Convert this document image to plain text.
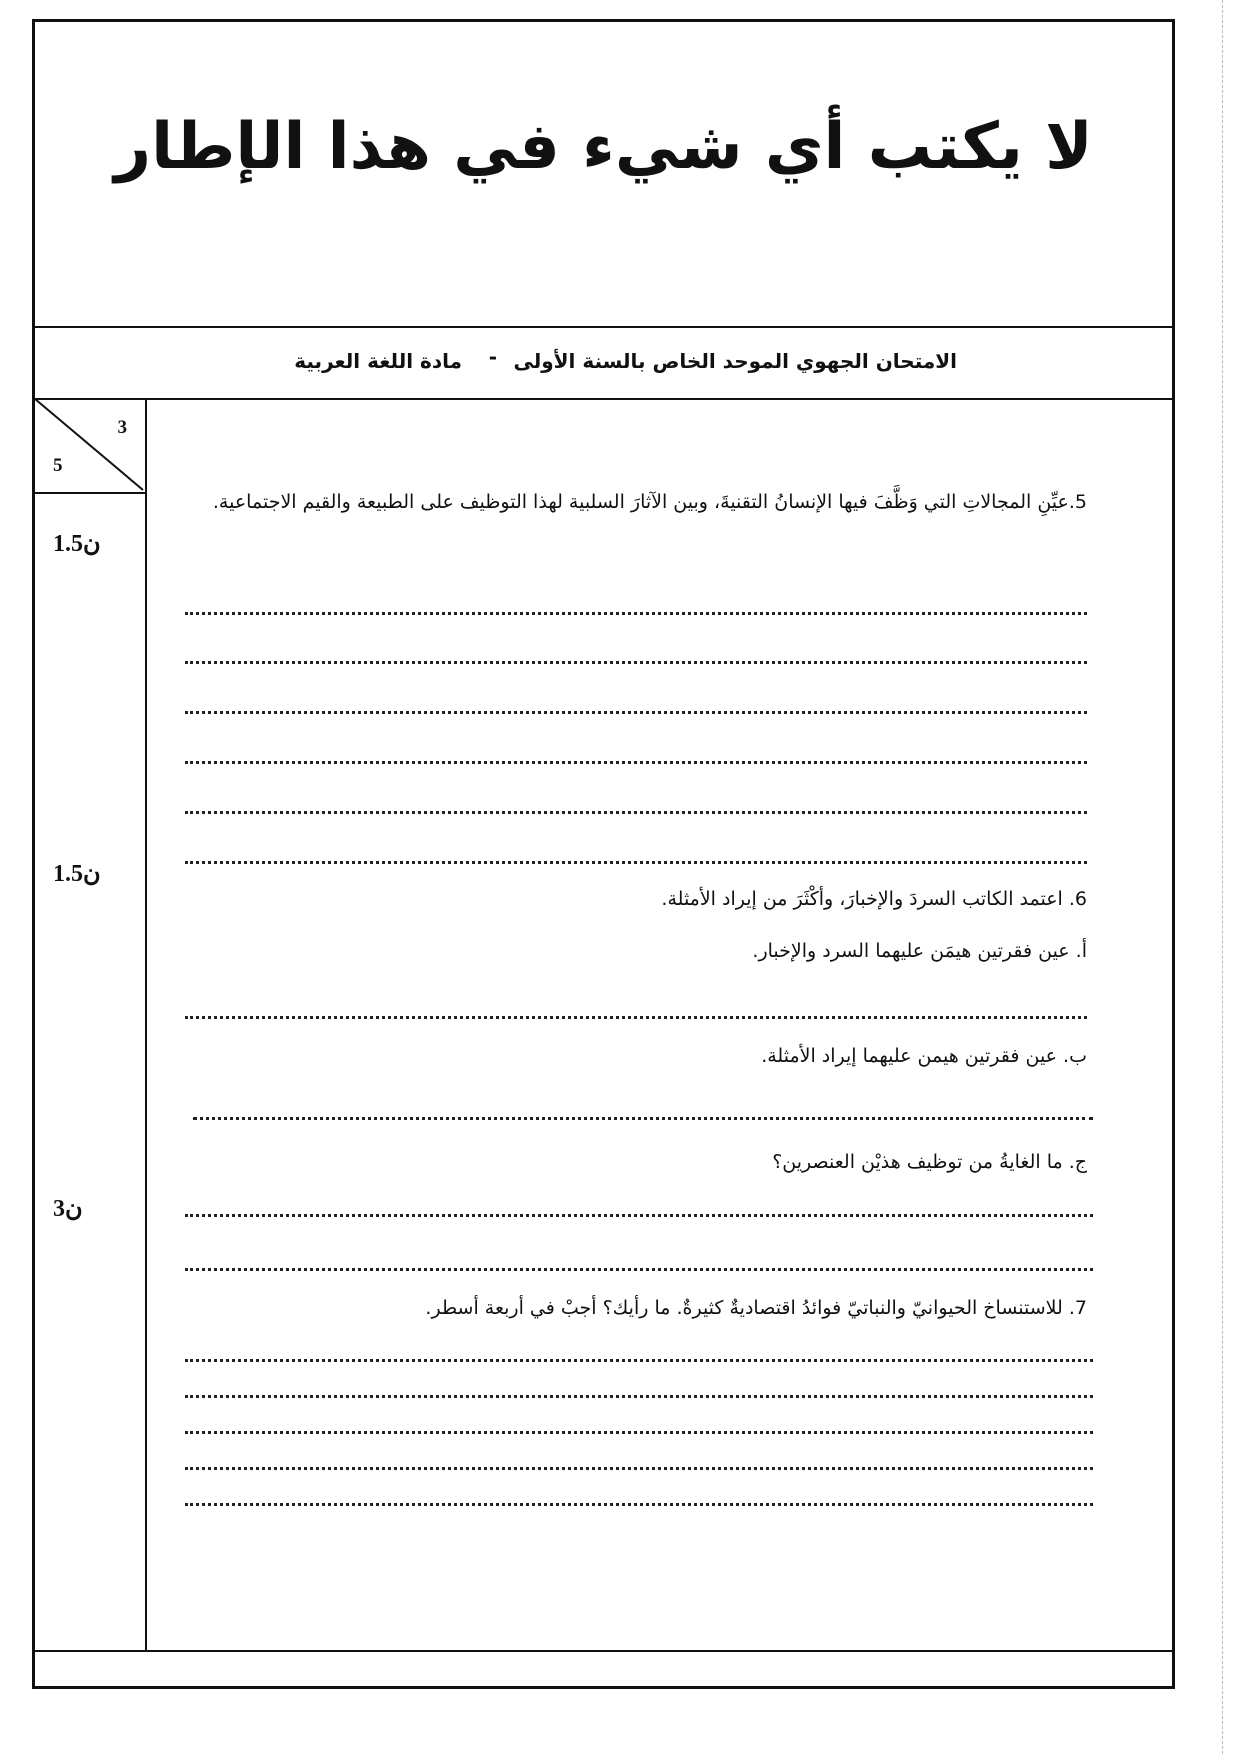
لا يكتب أي شيء في هذا الإطار
الامتحان الجهوي الموحد الخاص بالسنة الأولى
-
مادة اللغة العربية
3
5
1.5ن
1.5ن
3ن
5.عيِّنِ المجالاتِ التي وَظَّفَ فيها الإنسانُ التقنيةَ، وبين الآثارَ السلبية لهذا التوظيف على الطبيعة والقيم الاجتماعية.
6. اعتمد الكاتب السردَ والإخبارَ، وأكْثَرَ من إيراد الأمثلة.
أ. عين فقرتين هيمَن عليهما السرد والإخبار.
ب. عين فقرتين هيمن عليهما إيراد الأمثلة.
ج. ما الغايةُ من توظيف هذيْن العنصرين؟
7. للاستنساخ الحيوانيّ والنباتيّ فوائدُ اقتصاديةٌ كثيرةٌ. ما رأيك؟ أجبْ في أربعة أسطر.
